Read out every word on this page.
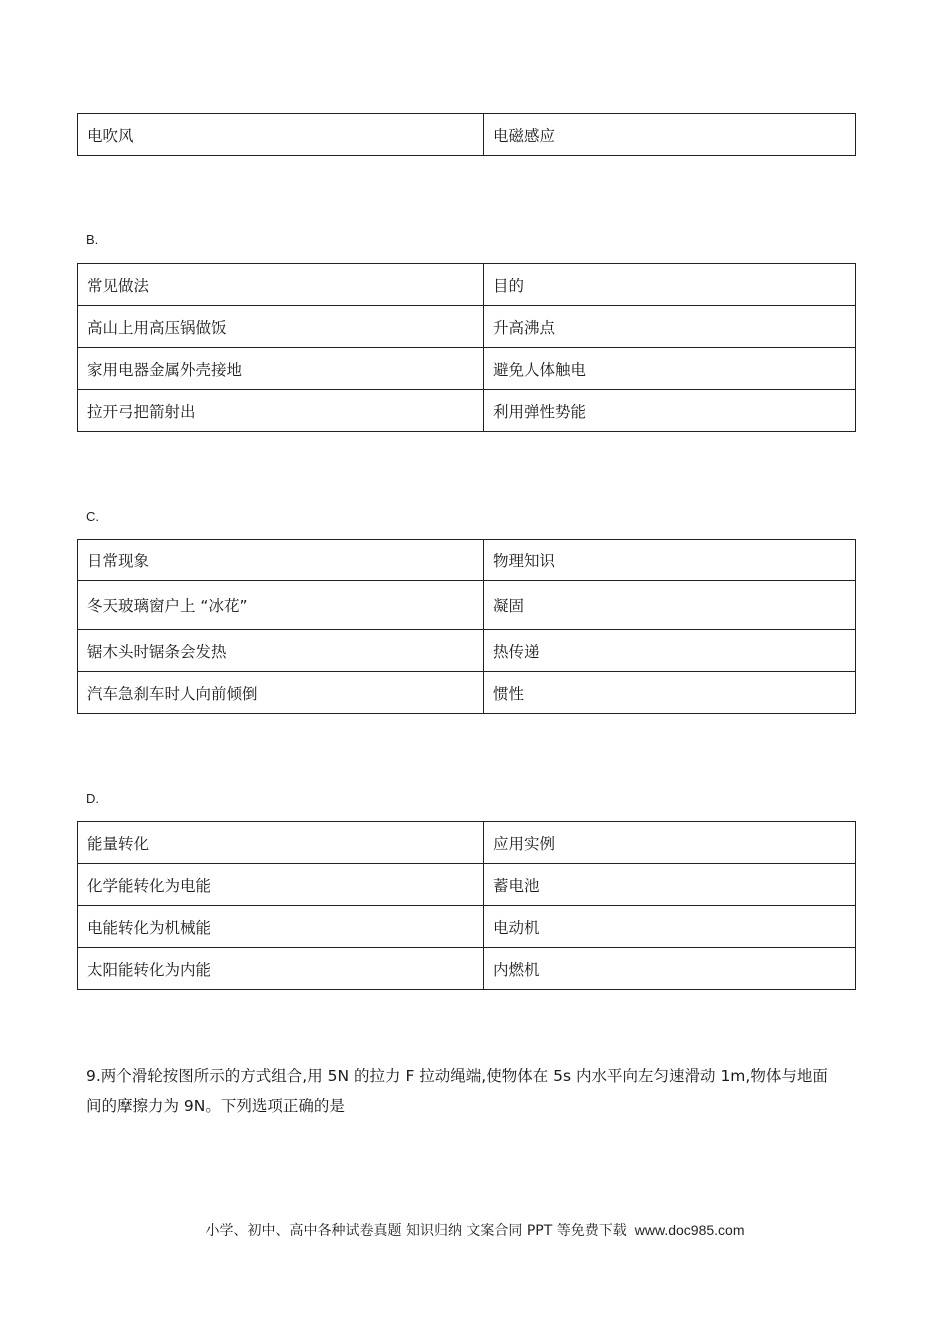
电吹风	电磁感应
B.
常见做法	目的
高山上用高压锅做饭	升高沸点
家用电器金属外壳接地	避免人体触电
拉开弓把箭射出	利用弹性势能
C.
日常现象	物理知识
冬天玻璃窗户上 “冰花”	凝固
锯木头时锯条会发热	热传递
汽车急刹车时人向前倾倒	惯性
D.
能量转化	应用实例
化学能转化为电能	蓄电池
电能转化为机械能	电动机
太阳能转化为内能	内燃机
9.两个滑轮按图所示的方式组合,用 5N 的拉力 F 拉动绳端,使物体在 5s 内水平向左匀速滑动 1m,物体与地面
间的摩擦力为 9N。下列选项正确的是
小学、初中、高中各种试卷真题 知识归纳 文案合同 PPT 等免费下载 www.doc985.com
